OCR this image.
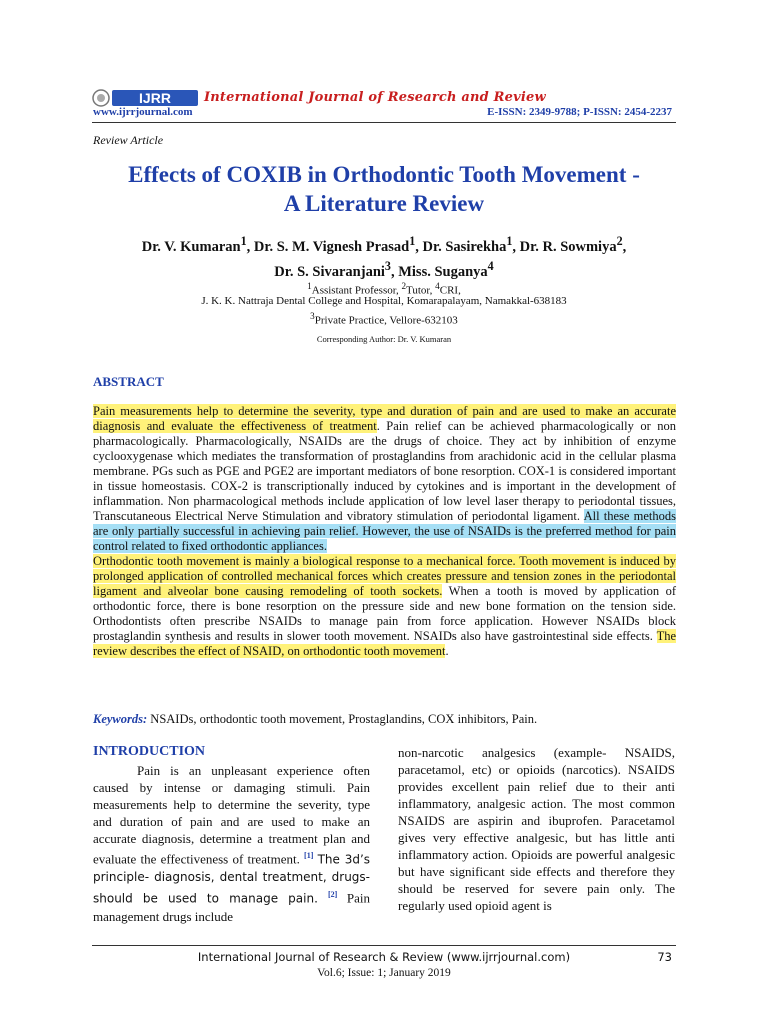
IJRR	International Journal of Research and Review
www.ijrrjournal.com	E-ISSN: 2349-9788; P-ISSN: 2454-2237
Review Article
Effects of COXIB in Orthodontic Tooth Movement -
A Literature Review
Dr. V. Kumaran$^1$, Dr. S. M. Vignesh Prasad$^1$, Dr. Sasirekha$^1$, Dr. R. Sowmiya$^2$,
Dr. S. Sivaranjani$^3$, Miss. Suganya$^4$
$^1$Assistant Professor, $^2$Tutor, $^4$CRI,
J. K. K. Nattraja Dental College and Hospital, Komarapalayam, Namakkal-638183
$^3$Private Practice, Vellore-632103
Corresponding Author: Dr. V. Kumaran
ABSTRACT
Pain measurements help to determine the severity, type and duration of pain and are used to make an accurate diagnosis and evaluate the effectiveness of treatment. Pain relief can be achieved pharmacologically or non pharmacologically. Pharmacologically, NSAIDs are the drugs of choice. They act by inhibition of enzyme cyclooxygenase which mediates the transformation of prostaglandins from arachidonic acid in the cellular plasma membrane. PGs such as PGE and PGE2 are important mediators of bone resorption. COX-1 is considered important in tissue homeostasis. COX-2 is transcriptionally induced by cytokines and is important in the development of inflammation. Non pharmacological methods include application of low level laser therapy to periodontal tissues, Transcutaneous Electrical Nerve Stimulation and vibratory stimulation of periodontal ligament. All these methods are only partially successful in achieving pain relief. However, the use of NSAIDs is the preferred method for pain control related to fixed orthodontic appliances.
Orthodontic tooth movement is mainly a biological response to a mechanical force. Tooth movement is induced by prolonged application of controlled mechanical forces which creates pressure and tension zones in the periodontal ligament and alveolar bone causing remodeling of tooth sockets. When a tooth is moved by application of orthodontic force, there is bone resorption on the pressure side and new bone formation on the tension side. Orthodontists often prescribe NSAIDs to manage pain from force application. However NSAIDs block prostaglandin synthesis and results in slower tooth movement. NSAIDs also have gastrointestinal side effects. The review describes the effect of NSAID, on orthodontic tooth movement.
Keywords: NSAIDs, orthodontic tooth movement, Prostaglandins, COX inhibitors, Pain.
INTRODUCTION
Pain is an unpleasant experience often caused by intense or damaging stimuli. Pain measurements help to determine the severity, type and duration of pain and are used to make an accurate diagnosis, determine a treatment plan and evaluate the effectiveness of treatment. [1] The 3d’s principle- diagnosis, dental treatment, drugs-should be used to manage pain. [2] Pain management drugs include
non-narcotic analgesics (example- NSAIDS, paracetamol, etc) or opioids (narcotics). NSAIDS provides excellent pain relief due to their anti inflammatory, analgesic action. The most common NSAIDS are aspirin and ibuprofen. Paracetamol gives very effective analgesic, but has little anti inflammatory action. Opioids are powerful analgesic but have significant side effects and therefore they should be reserved for severe pain only. The regularly used opioid agent is
International Journal of Research & Review (www.ijrrjournal.com)	73
Vol.6; Issue: 1; January 2019
